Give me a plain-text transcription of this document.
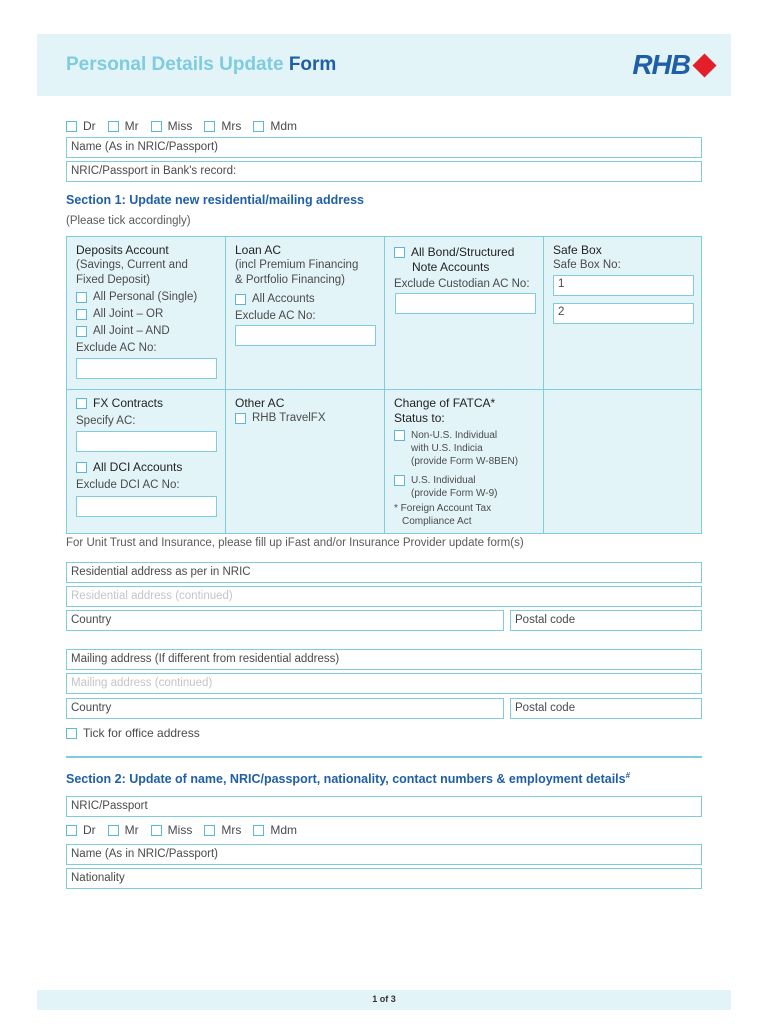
Personal Details Update Form	RHB
Dr Mr Miss Mrs Mdm
Name (As in NRIC/Passport)
NRIC/Passport in Bank's record:
Section 1: Update new residential/mailing address
(Please tick accordingly)
Deposits Account
(Savings, Current and
Fixed Deposit)
All Personal (Single)
All Joint – OR
All Joint – AND
Exclude AC No:
Loan AC
(incl Premium Financing
& Portfolio Financing)
All Accounts
Exclude AC No:
All Bond/Structured
Note Accounts
Exclude Custodian AC No:
Safe Box
Safe Box No:
1
2
FX Contracts
Specify AC:
All DCI Accounts
Exclude DCI AC No:
Other AC
RHB TravelFX
Change of FATCA*
Status to:
Non-U.S. Individual
with U.S. Indicia
(provide Form W-8BEN)
U.S. Individual
(provide Form W-9)
* Foreign Account Tax
Compliance Act
For Unit Trust and Insurance, please fill up iFast and/or Insurance Provider update form(s)
Residential address as per in NRIC
Residential address (continued)
Country	Postal code
Mailing address (If different from residential address)
Mailing address (continued)
Country	Postal code
Tick for office address
Section 2: Update of name, NRIC/passport, nationality, contact numbers & employment details#
NRIC/Passport
Dr Mr Miss Mrs Mdm
Name (As in NRIC/Passport)
Nationality
1 of 3
